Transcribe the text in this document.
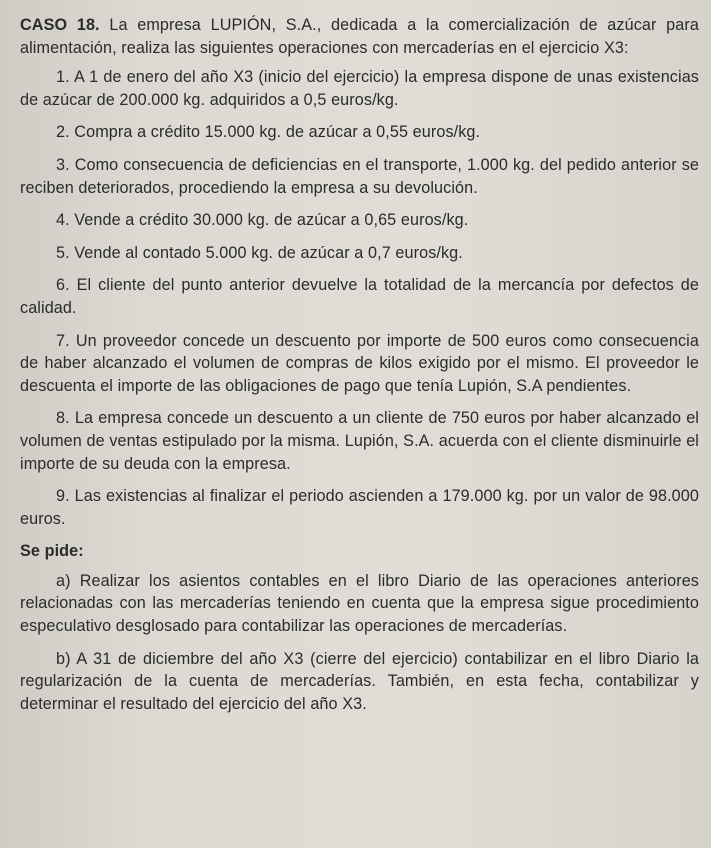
CASO 18. La empresa LUPIÓN, S.A., dedicada a la comercialización de azúcar para alimentación, realiza las siguientes operaciones con mercaderías en el ejercicio X3:

1. A 1 de enero del año X3 (inicio del ejercicio) la empresa dispone de unas existencias de azúcar de 200.000 kg. adquiridos a 0,5 euros/kg.

2. Compra a crédito 15.000 kg. de azúcar a 0,55 euros/kg.

3. Como consecuencia de deficiencias en el transporte, 1.000 kg. del pedido anterior se reciben deteriorados, procediendo la empresa a su devolución.

4. Vende a crédito 30.000 kg. de azúcar a 0,65 euros/kg.

5. Vende al contado 5.000 kg. de azúcar a 0,7 euros/kg.

6. El cliente del punto anterior devuelve la totalidad de la mercancía por defectos de calidad.

7. Un proveedor concede un descuento por importe de 500 euros como consecuencia de haber alcanzado el volumen de compras de kilos exigido por el mismo. El proveedor le descuenta el importe de las obligaciones de pago que tenía Lupión, S.A pendientes.

8. La empresa concede un descuento a un cliente de 750 euros por haber alcanzado el volumen de ventas estipulado por la misma. Lupión, S.A. acuerda con el cliente disminuirle el importe de su deuda con la empresa.

9. Las existencias al finalizar el periodo ascienden a 179.000 kg. por un valor de 98.000 euros.

Se pide:

a) Realizar los asientos contables en el libro Diario de las operaciones anteriores relacionadas con las mercaderías teniendo en cuenta que la empresa sigue procedimiento especulativo desglosado para contabilizar las operaciones de mercaderías.

b) A 31 de diciembre del año X3 (cierre del ejercicio) contabilizar en el libro Diario la regularización de la cuenta de mercaderías. También, en esta fecha, contabilizar y determinar el resultado del ejercicio del año X3.
